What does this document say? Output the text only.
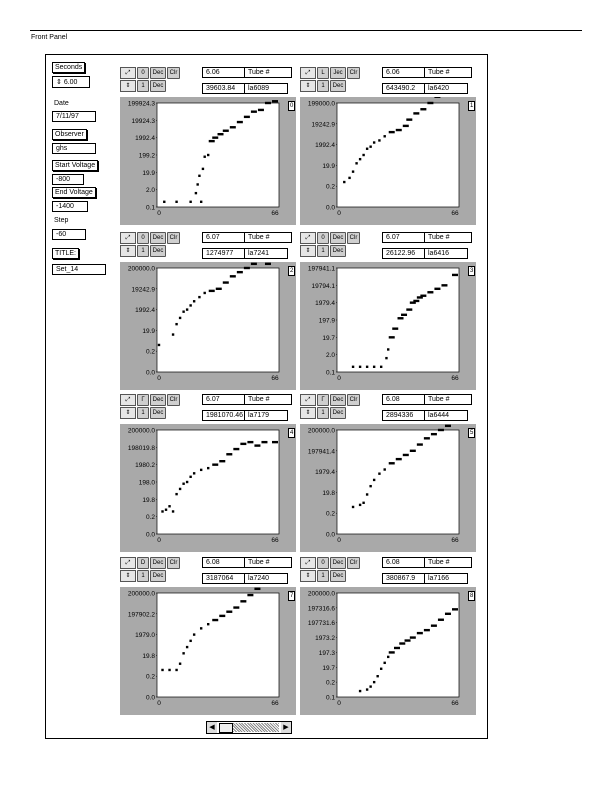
Front Panel
Seconds
⇕ 6.00
Date
7/11/97
Observer
ghs
Start Voltage
-800
End Voltage
-1400
Step
-60
TITLE:
Set_14
⤢	0	Dec	Clr
⇕	1	Dec
6.06
39603.84
Tube #
la6089
199924.3
19924.3
1992.4
199.2
19.9
2.0
0.1
0	66
0
⤢	L	Jec	Clr
⇕	1	Dec
6.06
643490.2
Tube #
la6420
199000.0
19242.9
1992.4
19.9
0.2
0.0
0	66
1
⤢	0	Dec	Clr
⇕	1	Dec
6.07
1274977
Tube #
la7241
200000.0
19242.9
1992.4
19.9
0.2
0.0
0	66
2
⤢	0	Dec	Clr
⇕	1	Dec
6.07
26122.96
Tube #
la6416
197941.1
19794.1
1979.4
197.9
19.7
2.0
0.1
0	66
3
⤢	Γ	Dec	Clr
⇕	1	Dec
6.07
1981070.46
Tube #
la7179
200000.0
198019.8
1980.2
198.0
19.8
0.2
0.0
0	66
4
⤢	Γ	Dec	Clr
⇕	1	Dec
6.08
2894336
Tube #
la6444
200000.0
197941.4
1979.4
19.8
0.2
0.0
0	66
5
⤢	D	Dec	Clr
⇕	1	Dec
6.08
3187064
Tube #
la7240
200000.0
197902.2
1979.0
19.8
0.2
0.0
0	66
7
⤢	0	Dec	Clr
⇕	1	Dec
6.08
380867.9
Tube #
la7166
200000.0
197316.6
197731.6
1973.2
197.3
19.7
0.2
0.1
0	66
8
◀	▶
